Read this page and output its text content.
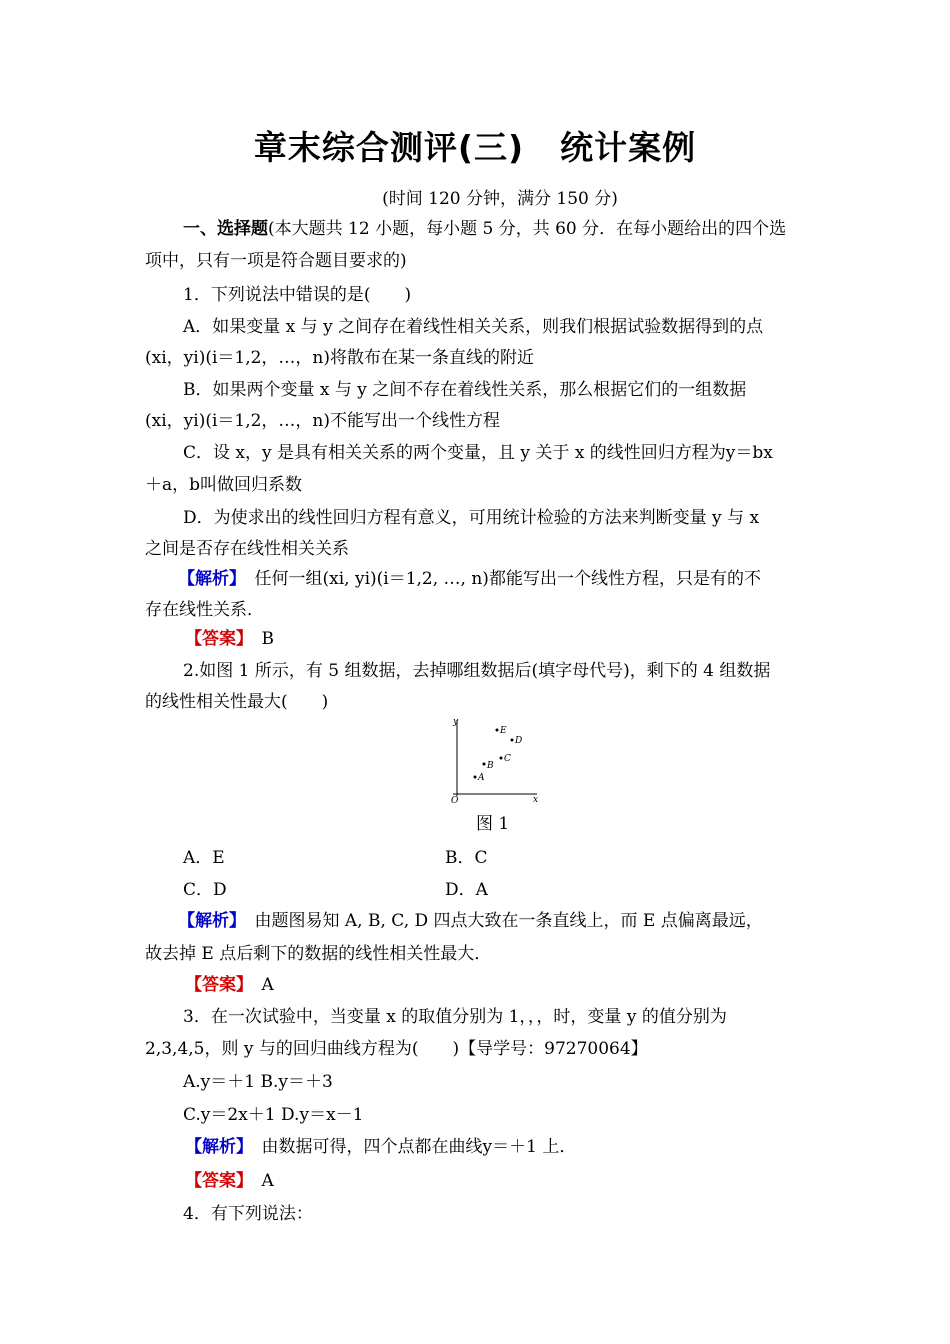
章末综合测评(三) 统计案例
(时间 120 分钟，满分 150 分)
一、选择题(本大题共 12 小题，每小题 5 分，共 60 分．在每小题给出的四个选
项中，只有一项是符合题目要求的)
1．下列说法中错误的是(　　)
A．如果变量 x 与 y 之间存在着线性相关关系，则我们根据试验数据得到的点
(xi，yi)(i＝1,2，…，n)将散布在某一条直线的附近
B．如果两个变量 x 与 y 之间不存在着线性关系，那么根据它们的一组数据
(xi，yi)(i＝1,2，…，n)不能写出一个线性方程
C．设 x，y 是具有相关关系的两个变量，且 y 关于 x 的线性回归方程为y＝bx
＋a，b叫做回归系数
D．为使求出的线性回归方程有意义，可用统计检验的方法来判断变量 y 与 x
之间是否存在线性相关关系
【解析】　 任何一组(xi, yi)(i＝1,2, …, n)都能写出一个线性方程，只是有的不
存在线性关系．
【答案】　 B
2.如图 1 所示，有 5 组数据，去掉哪组数据后(填字母代号)，剩下的 4 组数据
的线性相关性最大(　　)
y
x
O
A
B
C
D
E
图 1
A．E	B．C
C．D	D．A
【解析】　 由题图易知 A, B, C, D 四点大致在一条直线上，而 E 点偏离最远，
故去掉 E 点后剩下的数据的线性相关性最大．
【答案】　 A
3．在一次试验中，当变量 x 的取值分别为 1，，，时，变量 y 的值分别为
2,3,4,5，则 y 与的回归曲线方程为(　　)【导学号：97270064】
A.y＝＋1 B.y＝＋3
C.y＝2x＋1 D.y＝x－1
【解析】　 由数据可得，四个点都在曲线y＝＋1 上．
【答案】　 A
4．有下列说法：
